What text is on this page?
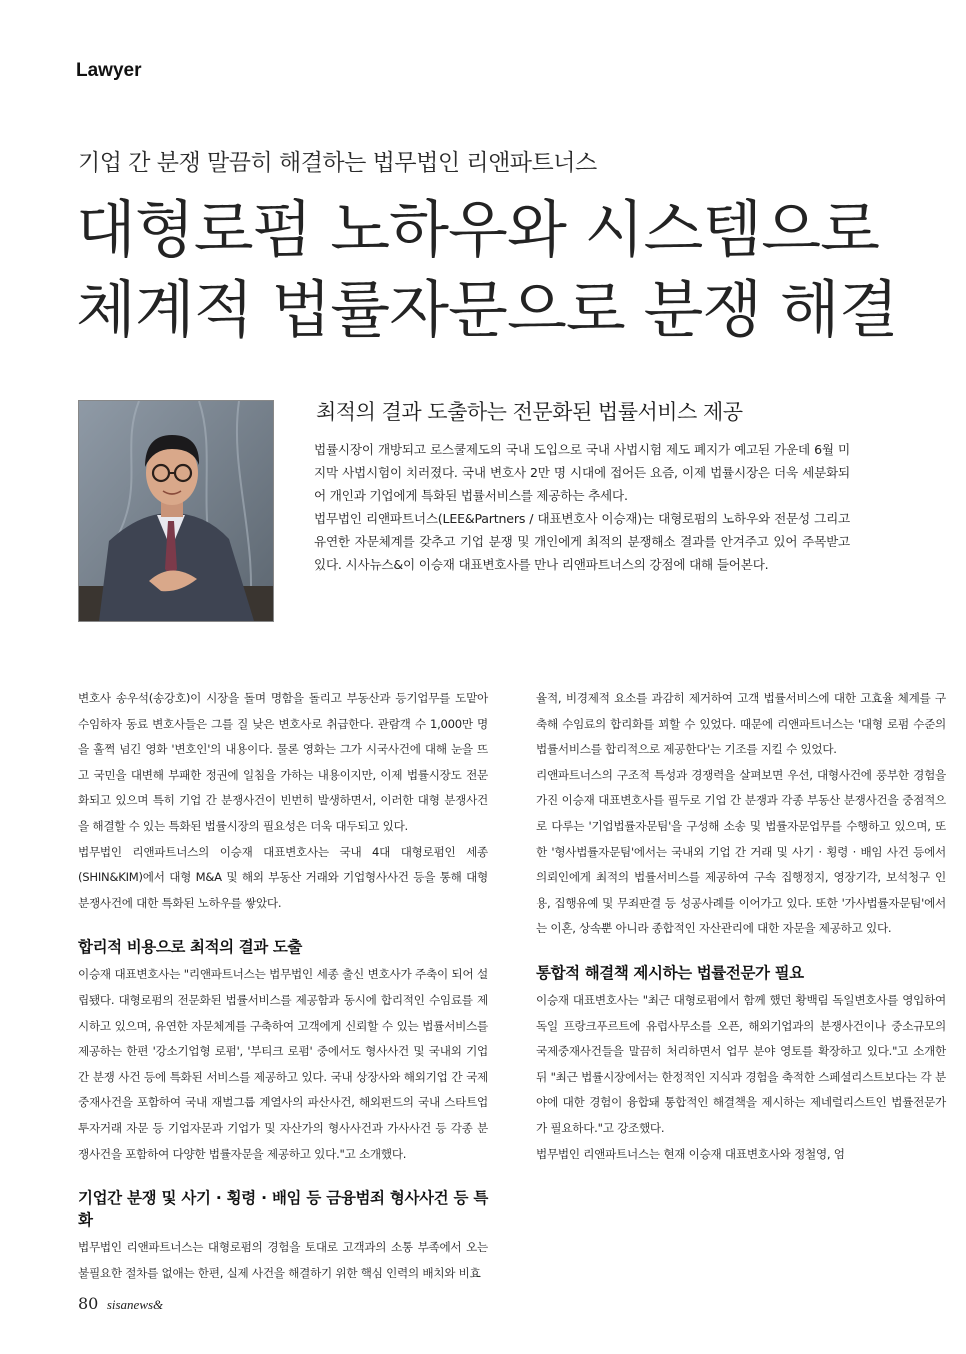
Lawyer
기업 간 분쟁 말끔히 해결하는 법무법인 리앤파트너스
대형로펌 노하우와 시스템으로
체계적 법률자문으로 분쟁 해결
최적의 결과 도출하는 전문화된 법률서비스 제공

법률시장이 개방되고 로스쿨제도의 국내 도입으로 국내 사법시험 제도 폐지가 예고된 가운데 6월 미지막 사법시험이 치러졌다. 국내 변호사 2만 명 시대에 접어든 요즘, 이제 법률시장은 더욱 세분화되어 개인과 기업에게 특화된 법률서비스를 제공하는 추세다.

법무법인 리앤파트너스(LEE&Partners / 대표변호사 이승재)는 대형로펌의 노하우와 전문성 그리고 유연한 자문체계를 갖추고 기업 분쟁 및 개인에게 최적의 분쟁해소 결과를 안겨주고 있어 주목받고 있다. 시사뉴스&이 이승재 대표변호사를 만나 리앤파트너스의 강점에 대해 들어본다.

변호사 송우석(송강호)이 시장을 돌며 명함을 돌리고 부동산과 등기업무를 도맡아 수임하자 동료 변호사들은 그를 질 낮은 변호사로 취급한다. 관람객 수 1,000만 명을 훌쩍 넘긴 영화 '변호인'의 내용이다. 물론 영화는 그가 시국사건에 대해 눈을 뜨고 국민을 대변해 부패한 정권에 일침을 가하는 내용이지만, 이제 법률시장도 전문화되고 있으며 특히 기업 간 분쟁사건이 빈번히 발생하면서, 이러한 대형 분쟁사건을 해결할 수 있는 특화된 법률시장의 필요성은 더욱 대두되고 있다.

법무법인 리앤파트너스의 이승재 대표변호사는 국내 4대 대형로펌인 세종(SHIN&KIM)에서 대형 M&A 및 해외 부동산 거래와 기업형사사건 등을 통해 대형 분쟁사건에 대한 특화된 노하우를 쌓았다.

합리적 비용으로 최적의 결과 도출

이승재 대표변호사는 "리앤파트너스는 법무법인 세종 출신 변호사가 주축이 되어 설립됐다. 대형로펌의 전문화된 법률서비스를 제공함과 동시에 합리적인 수임료를 제시하고 있으며, 유연한 자문체계를 구축하여 고객에게 신뢰할 수 있는 법률서비스를 제공하는 한편 '강소기업형 로펌', '부티크 로펌' 중에서도 형사사건 및 국내외 기업 간 분쟁 사건 등에 특화된 서비스를 제공하고 있다. 국내 상장사와 해외기업 간 국제중재사건을 포함하여 국내 재벌그룹 계열사의 파산사건, 해외펀드의 국내 스타트업 투자거래 자문 등 기업자문과 기업가 및 자산가의 형사사건과 가사사건 등 각종 분쟁사건을 포함하여 다양한 법률자문을 제공하고 있다."고 소개했다.

기업간 분쟁 및 사기 · 횡령 · 배임 등 금융범죄 형사사건 등 특화

법무법인 리앤파트너스는 대형로펌의 경험을 토대로 고객과의 소통 부족에서 오는 불필요한 절차를 없애는 한편, 실제 사건을 해결하기 위한 핵심 인력의 배치와 비효

율적, 비경제적 요소를 과감히 제거하여 고객 법률서비스에 대한 고효율 체계를 구축해 수임료의 합리화를 꾀할 수 있었다. 때문에 리앤파트너스는 '대형 로펌 수준의 법률서비스를 합리적으로 제공한다'는 기조를 지킬 수 있었다.

리앤파트너스의 구조적 특성과 경쟁력을 살펴보면 우선, 대형사건에 풍부한 경험을 가진 이승재 대표변호사를 필두로 기업 간 분쟁과 각종 부동산 분쟁사건을 중점적으로 다루는 '기업법률자문팀'을 구성해 소송 및 법률자문업무를 수행하고 있으며, 또한 '형사법률자문팀'에서는 국내외 기업 간 거래 및 사기 · 횡령 · 배임 사건 등에서 의뢰인에게 최적의 법률서비스를 제공하여 구속 집행정지, 영장기각, 보석청구 인용, 집행유예 및 무죄판결 등 성공사례를 이어가고 있다. 또한 '가사법률자문팀'에서는 이혼, 상속뿐 아니라 종합적인 자산관리에 대한 자문을 제공하고 있다.

통합적 해결책 제시하는 법률전문가 필요

이승재 대표변호사는 "최근 대형로펌에서 함께 했던 황백림 독일변호사를 영입하여 독일 프랑크푸르트에 유럽사무소를 오픈, 해외기업과의 분쟁사건이나 중소규모의 국제중재사건들을 말끔히 처리하면서 업무 분야 영토를 확장하고 있다."고 소개한 뒤 "최근 법률시장에서는 한정적인 지식과 경험을 축적한 스페셜리스트보다는 각 분야에 대한 경험이 융합돼 통합적인 해결책을 제시하는 제네럴리스트인 법률전문가가 필요하다."고 강조했다.

법무법인 리앤파트너스는 현재 이승재 대표변호사와 정철영, 엄

80 sisanews&
